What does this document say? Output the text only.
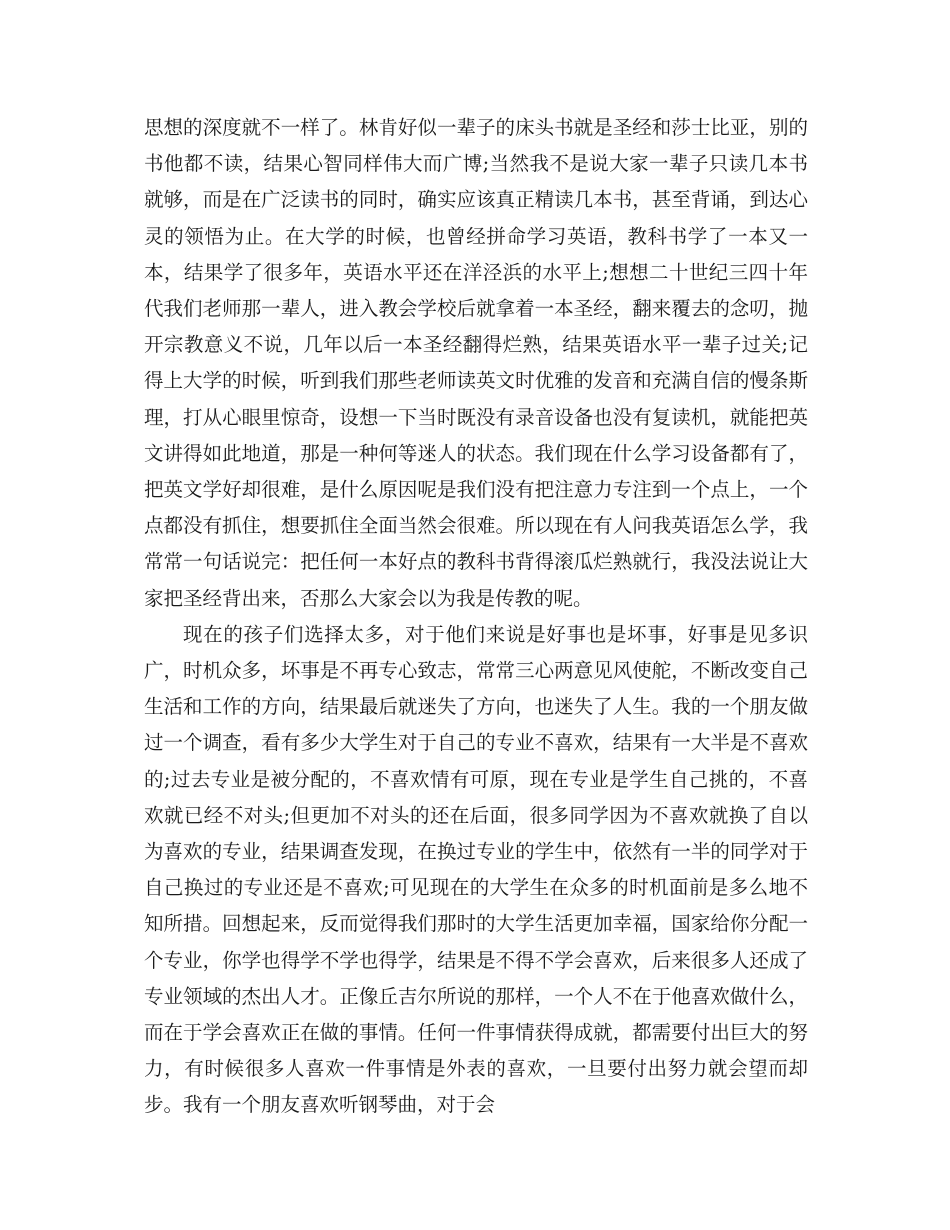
思想的深度就不一样了。林肯好似一辈子的床头书就是圣经和莎士比亚，别的书他都不读，结果心智同样伟大而广博;当然我不是说大家一辈子只读几本书就够，而是在广泛读书的同时，确实应该真正精读几本书，甚至背诵，到达心灵的领悟为止。在大学的时候，也曾经拼命学习英语，教科书学了一本又一本，结果学了很多年，英语水平还在洋泾浜的水平上;想想二十世纪三四十年代我们老师那一辈人，进入教会学校后就拿着一本圣经，翻来覆去的念叨，抛开宗教意义不说，几年以后一本圣经翻得烂熟，结果英语水平一辈子过关;记得上大学的时候，听到我们那些老师读英文时优雅的发音和充满自信的慢条斯理，打从心眼里惊奇，设想一下当时既没有录音设备也没有复读机，就能把英文讲得如此地道，那是一种何等迷人的状态。我们现在什么学习设备都有了，把英文学好却很难，是什么原因呢是我们没有把注意力专注到一个点上，一个点都没有抓住，想要抓住全面当然会很难。所以现在有人问我英语怎么学，我常常一句话说完：把任何一本好点的教科书背得滚瓜烂熟就行，我没法说让大家把圣经背出来，否那么大家会以为我是传教的呢。

现在的孩子们选择太多，对于他们来说是好事也是坏事，好事是见多识广，时机众多，坏事是不再专心致志，常常三心两意见风使舵，不断改变自己生活和工作的方向，结果最后就迷失了方向，也迷失了人生。我的一个朋友做过一个调查，看有多少大学生对于自己的专业不喜欢，结果有一大半是不喜欢的;过去专业是被分配的，不喜欢情有可原，现在专业是学生自己挑的，不喜欢就已经不对头;但更加不对头的还在后面，很多同学因为不喜欢就换了自以为喜欢的专业，结果调查发现，在换过专业的学生中，依然有一半的同学对于自己换过的专业还是不喜欢;可见现在的大学生在众多的时机面前是多么地不知所措。回想起来，反而觉得我们那时的大学生活更加幸福，国家给你分配一个专业，你学也得学不学也得学，结果是不得不学会喜欢，后来很多人还成了专业领域的杰出人才。正像丘吉尔所说的那样，一个人不在于他喜欢做什么，而在于学会喜欢正在做的事情。任何一件事情获得成就，都需要付出巨大的努力，有时候很多人喜欢一件事情是外表的喜欢，一旦要付出努力就会望而却步。我有一个朋友喜欢听钢琴曲，对于会
